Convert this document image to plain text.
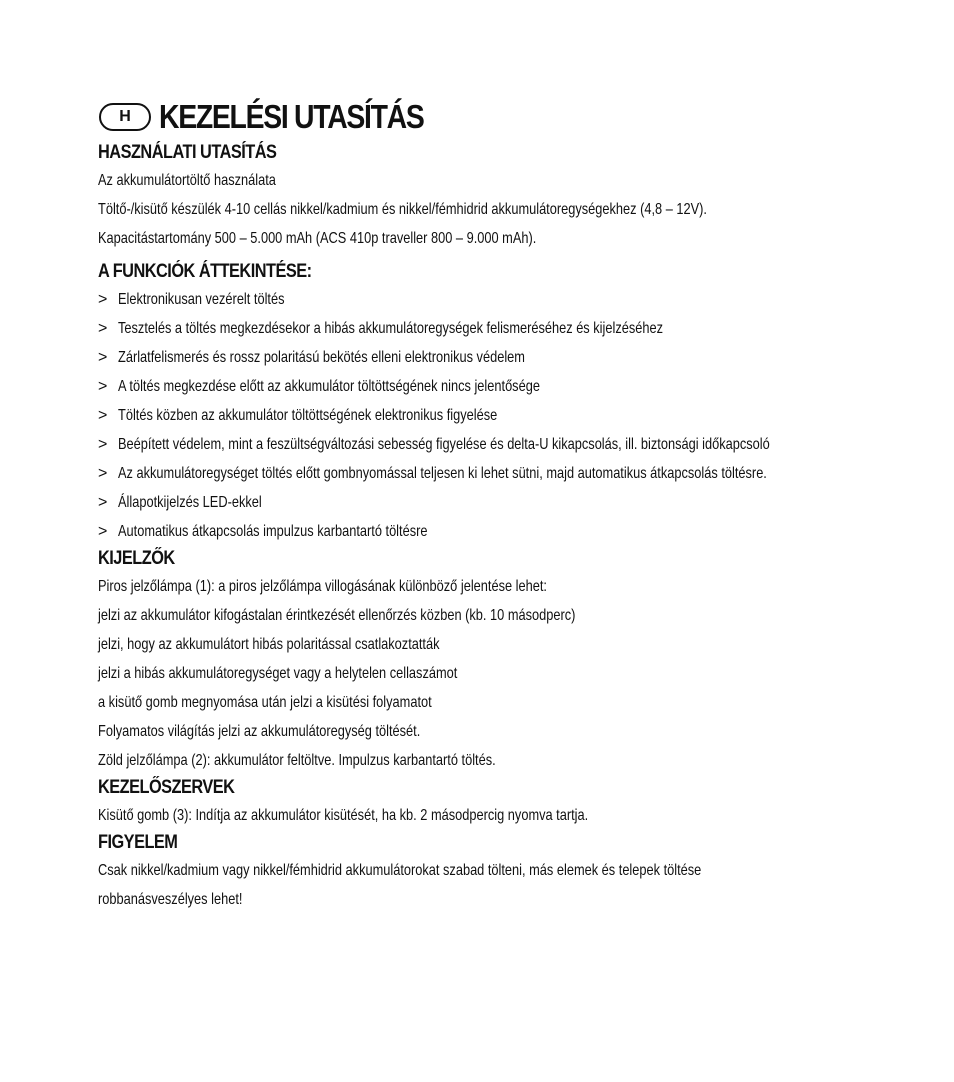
H KEZELÉSI UTASÍTÁS
HASZNÁLATI UTASÍTÁS
Az akkumulátortöltő használata
Töltő-/kisütő készülék 4-10 cellás nikkel/kadmium és nikkel/fémhidrid akkumulátoregységekhez (4,8 – 12V).
Kapacitástartomány 500 – 5.000 mAh (ACS 410p traveller 800 – 9.000 mAh).
A FUNKCIÓK ÁTTEKINTÉSE:
> Elektronikusan vezérelt töltés
> Tesztelés a töltés megkezdésekor a hibás akkumulátoregységek felismeréséhez és kijelzéséhez
> Zárlatfelismerés és rossz polaritású bekötés elleni elektronikus védelem
> A töltés megkezdése előtt az akkumulátor töltöttségének nincs jelentősége
> Töltés közben az akkumulátor töltöttségének elektronikus figyelése
> Beépített védelem, mint a feszültségváltozási sebesség figyelése és delta-U kikapcsolás, ill. biztonsági időkapcsoló
> Az akkumulátoregységet töltés előtt gombnyomással teljesen ki lehet sütni, majd automatikus átkapcsolás töltésre.
> Állapotkijelzés LED-ekkel
> Automatikus átkapcsolás impulzus karbantartó töltésre
KIJELZŐK
Piros jelzőlámpa (1): a piros jelzőlámpa villogásának különböző jelentése lehet:
jelzi az akkumulátor kifogástalan érintkezését ellenőrzés közben (kb. 10 másodperc)
jelzi, hogy az akkumulátort hibás polaritással csatlakoztatták
jelzi a hibás akkumulátoregységet vagy a helytelen cellaszámot
a kisütő gomb megnyomása után jelzi a kisütési folyamatot
Folyamatos világítás jelzi az akkumulátoregység töltését.
Zöld jelzőlámpa (2): akkumulátor feltöltve. Impulzus karbantartó töltés.
KEZELŐSZERVEK
Kisütő gomb (3): Indítja az akkumulátor kisütését, ha kb. 2 másodpercig nyomva tartja.
FIGYELEM
Csak nikkel/kadmium vagy nikkel/fémhidrid akkumulátorokat szabad tölteni, más elemek és telepek töltése
robbanásveszélyes lehet!
